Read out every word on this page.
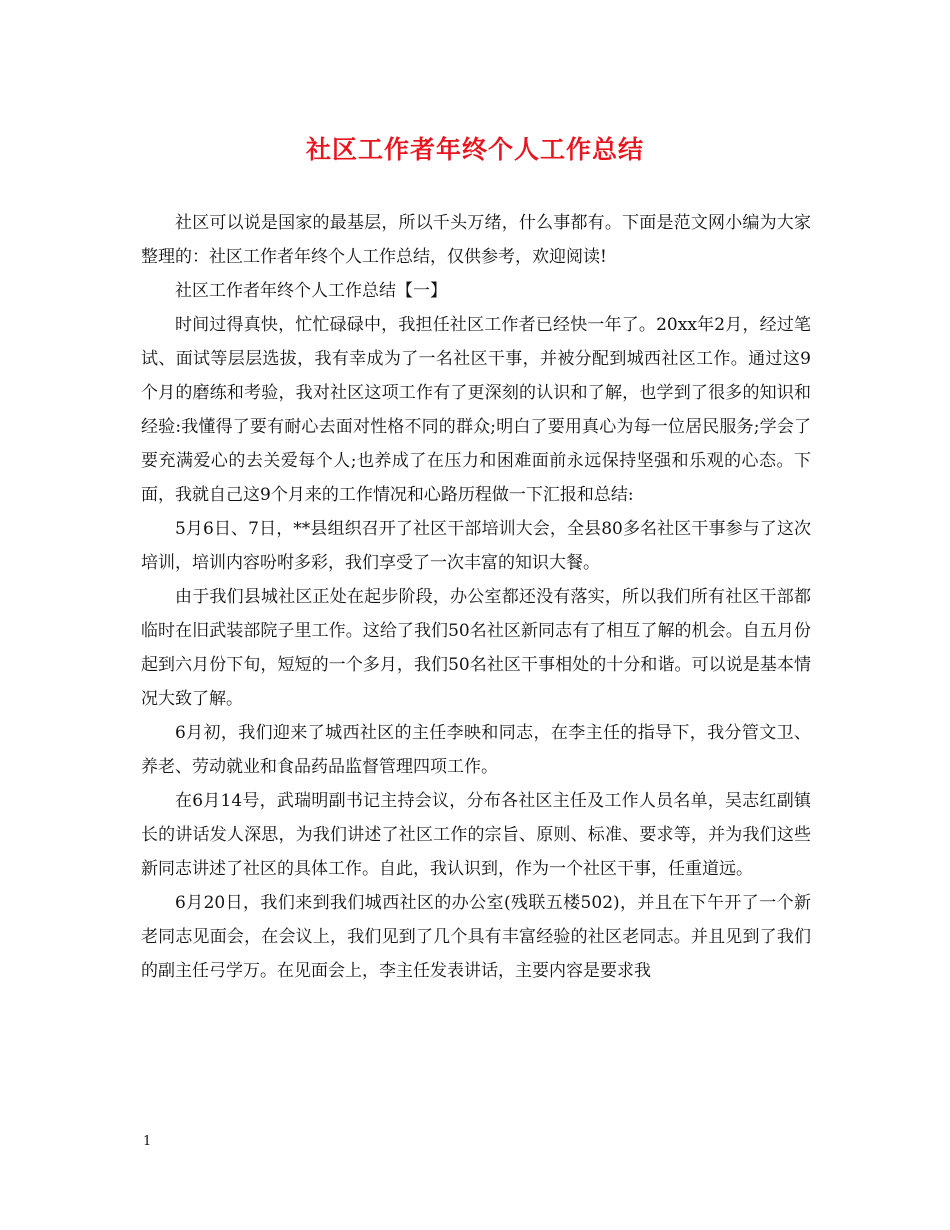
社区工作者年终个人工作总结

社区可以说是国家的最基层，所以千头万绪，什么事都有。下面是范文网小编为大家整理的：社区工作者年终个人工作总结，仅供参考，欢迎阅读!

社区工作者年终个人工作总结【一】

时间过得真快，忙忙碌碌中，我担任社区工作者已经快一年了。20xx年2月，经过笔试、面试等层层选拔，我有幸成为了一名社区干事，并被分配到城西社区工作。通过这9个月的磨练和考验，我对社区这项工作有了更深刻的认识和了解，也学到了很多的知识和经验:我懂得了要有耐心去面对性格不同的群众;明白了要用真心为每一位居民服务;学会了要充满爱心的去关爱每个人;也养成了在压力和困难面前永远保持坚强和乐观的心态。下面，我就自己这9个月来的工作情况和心路历程做一下汇报和总结:

5月6日、7日，**县组织召开了社区干部培训大会，全县80多名社区干事参与了这次培训，培训内容吩咐多彩，我们享受了一次丰富的知识大餐。

由于我们县城社区正处在起步阶段，办公室都还没有落实，所以我们所有社区干部都临时在旧武装部院子里工作。这给了我们50名社区新同志有了相互了解的机会。自五月份起到六月份下旬，短短的一个多月，我们50名社区干事相处的十分和谐。可以说是基本情况大致了解。

6月初，我们迎来了城西社区的主任李映和同志，在李主任的指导下，我分管文卫、养老、劳动就业和食品药品监督管理四项工作。

在6月14号，武瑞明副书记主持会议，分布各社区主任及工作人员名单，吴志红副镇长的讲话发人深思，为我们讲述了社区工作的宗旨、原则、标准、要求等，并为我们这些新同志讲述了社区的具体工作。自此，我认识到，作为一个社区干事，任重道远。

6月20日，我们来到我们城西社区的办公室(残联五楼502)，并且在下午开了一个新老同志见面会，在会议上，我们见到了几个具有丰富经验的社区老同志。并且见到了我们的副主任弓学万。在见面会上，李主任发表讲话，主要内容是要求我

1
